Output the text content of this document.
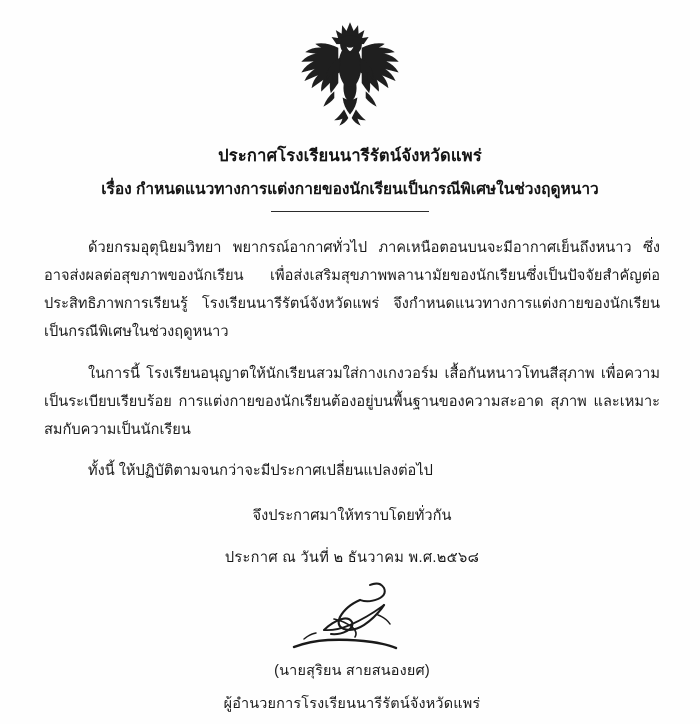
ประกาศโรงเรียนนารีรัตน์จังหวัดแพร่
เรื่อง กำหนดแนวทางการแต่งกายของนักเรียนเป็นกรณีพิเศษในช่วงฤดูหนาว

ด้วยกรมอุตุนิยมวิทยา พยากรณ์อากาศทั่วไป ภาคเหนือตอนบนจะมีอากาศเย็นถึงหนาว ซึ่งอาจส่งผลต่อสุขภาพของนักเรียน เพื่อส่งเสริมสุขภาพพลานามัยของนักเรียนซึ่งเป็นปัจจัยสำคัญต่อประสิทธิภาพการเรียนรู้ โรงเรียนนารีรัตน์จังหวัดแพร่ จึงกำหนดแนวทางการแต่งกายของนักเรียนเป็นกรณีพิเศษในช่วงฤดูหนาว

ในการนี้ โรงเรียนอนุญาตให้นักเรียนสวมใส่กางเกงวอร์ม เสื้อกันหนาวโทนสีสุภาพ เพื่อความเป็นระเบียบเรียบร้อย การแต่งกายของนักเรียนต้องอยู่บนพื้นฐานของความสะอาด สุภาพ และเหมาะสมกับความเป็นนักเรียน

ทั้งนี้ ให้ปฏิบัติตามจนกว่าจะมีประกาศเปลี่ยนแปลงต่อไป

จึงประกาศมาให้ทราบโดยทั่วกัน
ประกาศ ณ วันที่ ๒ ธันวาคม พ.ศ.๒๕๖๘
(นายสุริยน สายสนองยศ)
ผู้อำนวยการโรงเรียนนารีรัตน์จังหวัดแพร่
